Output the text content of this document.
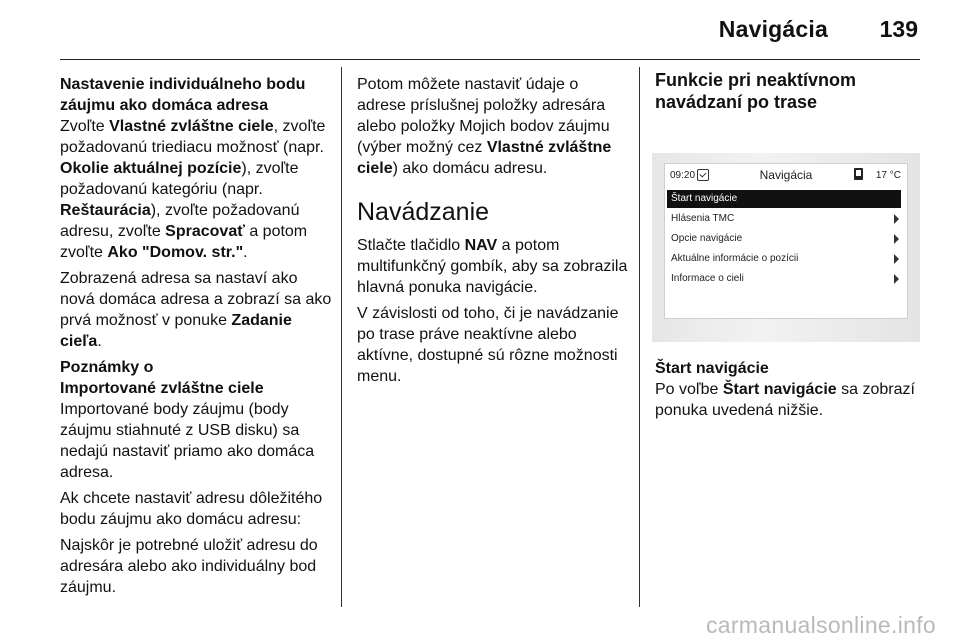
Navigácia 139
Nastavenie individuálneho bodu
záujmu ako domáca adresa

Zvoľte Vlastné zvláštne ciele, zvoľte požadovanú triediacu možnosť (napr. Okolie aktuálnej pozície), zvoľte požadovanú kategóriu (napr. Reštaurácia), zvoľte požadovanú adresu, zvoľte Spracovať a potom zvoľte Ako "Domov. str.".

Zobrazená adresa sa nastaví ako nová domáca adresa a zobrazí sa ako prvá možnosť v ponuke Zadanie cieľa.

Poznámky o
Importované zvláštne ciele

Importované body záujmu (body záujmu stiahnuté z USB disku) sa nedajú nastaviť priamo ako domáca adresa.

Ak chcete nastaviť adresu dôležitého bodu záujmu ako domácu adresu:

Najskôr je potrebné uložiť adresu do adresára alebo ako individuálny bod záujmu.

Potom môžete nastaviť údaje o adrese príslušnej položky adresára alebo položky Mojich bodov záujmu (výber možný cez Vlastné zvláštne ciele) ako domácu adresu.

Navádzanie

Stlačte tlačidlo NAV a potom multifunkčný gombík, aby sa zobrazila hlavná ponuka navigácie.

V závislosti od toho, či je navádzanie po trase práve neaktívne alebo aktívne, dostupné sú rôzne možnosti menu.

Funkcie pri neaktívnom navádzaní po trase
09:20	Navigácia	17 °C
Štart navigácie
Hlásenia TMC
Opcie navigácie
Aktuálne informácie o pozícii
Informace o cieli
Štart navigácie

Po voľbe Štart navigácie sa zobrazí ponuka uvedená nižšie.

carmanualsonline.info
